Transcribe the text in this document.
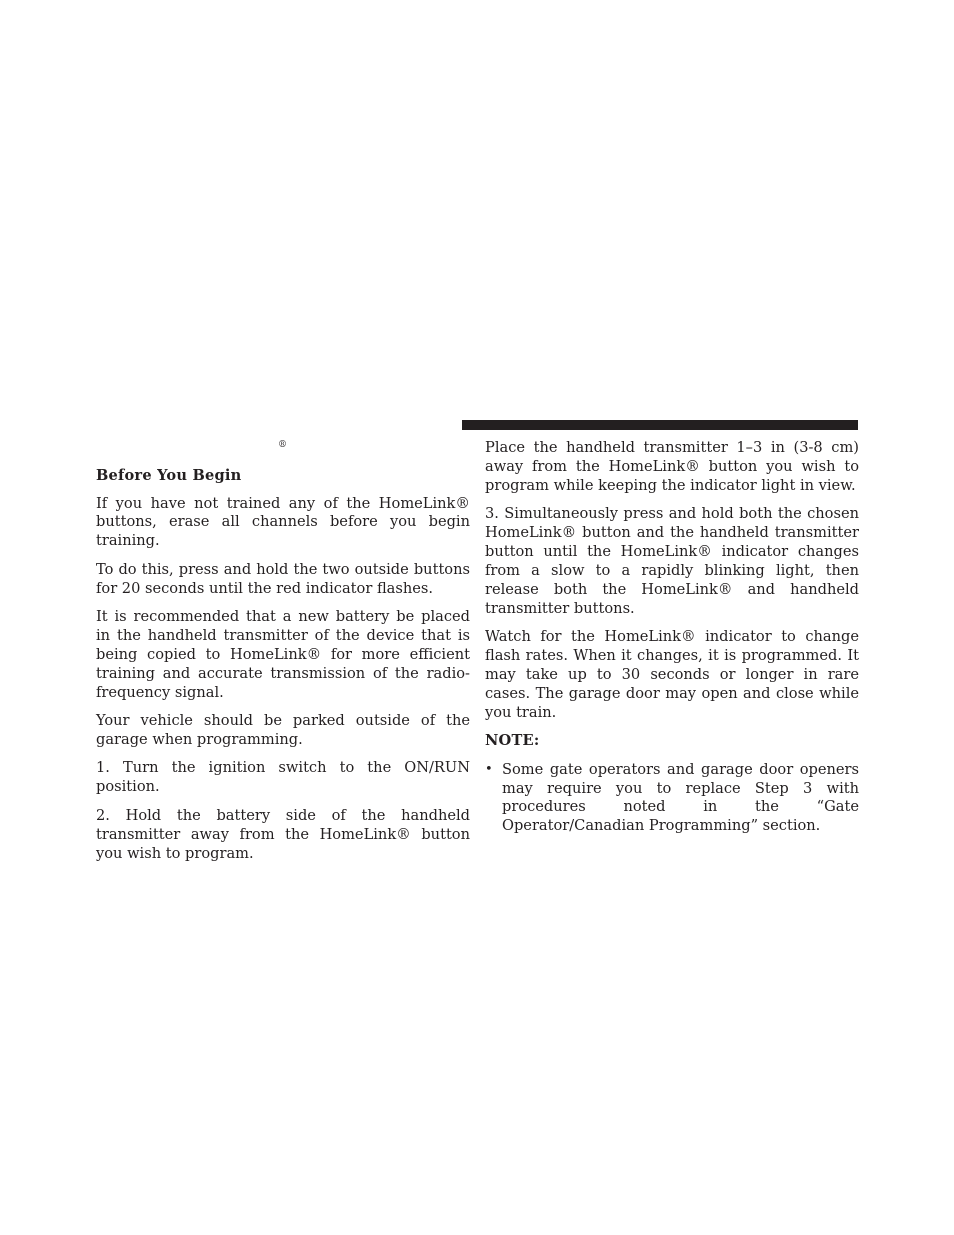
®

Before You Begin

If you have not trained any of the HomeLink® buttons, erase all channels before you begin training.

To do this, press and hold the two outside buttons for 20 seconds until the red indicator flashes.

It is recommended that a new battery be placed in the handheld transmitter of the device that is being copied to HomeLink® for more efficient training and accurate transmission of the radio-frequency signal.

Your vehicle should be parked outside of the garage when programming.

1. Turn the ignition switch to the ON/RUN position.

2. Hold the battery side of the handheld transmitter away from the HomeLink® button you wish to program.

Place the handheld transmitter 1–3 in (3-8 cm) away from the HomeLink® button you wish to program while keeping the indicator light in view.

3. Simultaneously press and hold both the chosen HomeLink® button and the handheld transmitter button until the HomeLink® indicator changes from a slow to a rapidly blinking light, then release both the HomeLink® and handheld transmitter buttons.

Watch for the HomeLink® indicator to change flash rates. When it changes, it is programmed. It may take up to 30 seconds or longer in rare cases. The garage door may open and close while you train.

NOTE:

• Some gate operators and garage door openers may require you to replace Step 3 with procedures noted in the “Gate Operator/Canadian Programming” section.
